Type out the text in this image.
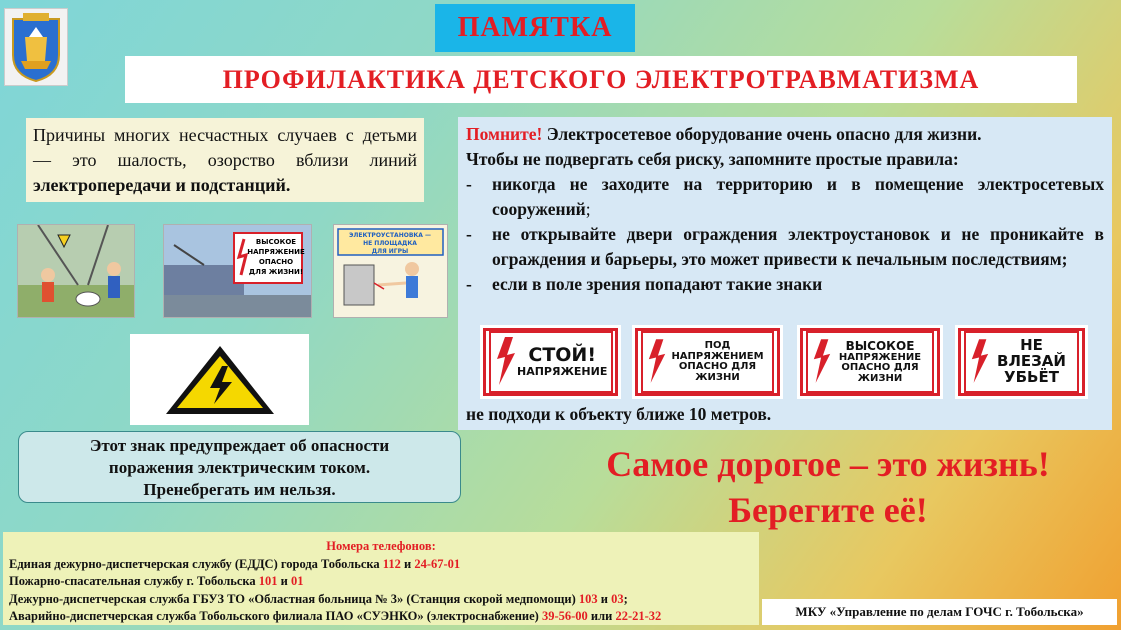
ПАМЯТКА
ПРОФИЛАКТИКА ДЕТСКОГО ЭЛЕКТРОТРАВМАТИЗМА
Причины многих несчастных случаев с детьми — это шалость, озорство вблизи линий электропередачи и подстанций.
ВЫСОКОЕ
НАПРЯЖЕНИЕ
ОПАСНО
ДЛЯ ЖИЗНИ!
ЭЛЕКТРОУСТАНОВКА —
НЕ ПЛОЩАДКА
ДЛЯ ИГРЫ
Этот знак предупреждает об опасности
поражения электрическим током.
Пренебрегать им нельзя.
Помните! Электросетевое оборудование очень опасно для жизни.
Чтобы не подвергать себя риску, запомните простые правила:
-	никогда не заходите на территорию и в помещение электросетевых сооружений;
-	не открывайте двери ограждения электроустановок и не проникайте в ограждения и барьеры, это может привести к печальным последствиям;
-	если в поле зрения попадают такие знаки
СТОЙ!
НАПРЯЖЕНИЕ
ПОД
НАПРЯЖЕНИЕМ
ОПАСНО ДЛЯ
ЖИЗНИ
ВЫСОКОЕ
НАПРЯЖЕНИЕ
ОПАСНО ДЛЯ
ЖИЗНИ
НЕ ВЛЕЗАЙ
УБЬЁТ
не подходи к объекту ближе 10 метров.
Самое дорогое – это жизнь!
Берегите её!
Номера телефонов:
Единая дежурно-диспетчерская службу (ЕДДС) города Тобольска 112 и 24-67-01
Пожарно-спасательная службу г. Тобольска 101 и 01
Дежурно-диспетчерская служба ГБУЗ ТО «Областная больница № 3» (Станция скорой медпомощи) 103 и 03;
Аварийно-диспетчерская служба Тобольского филиала ПАО «СУЭНКО» (электроснабжение) 39-56-00 или 22-21-32	МКУ «Управление по делам ГОЧС г. Тобольска»
